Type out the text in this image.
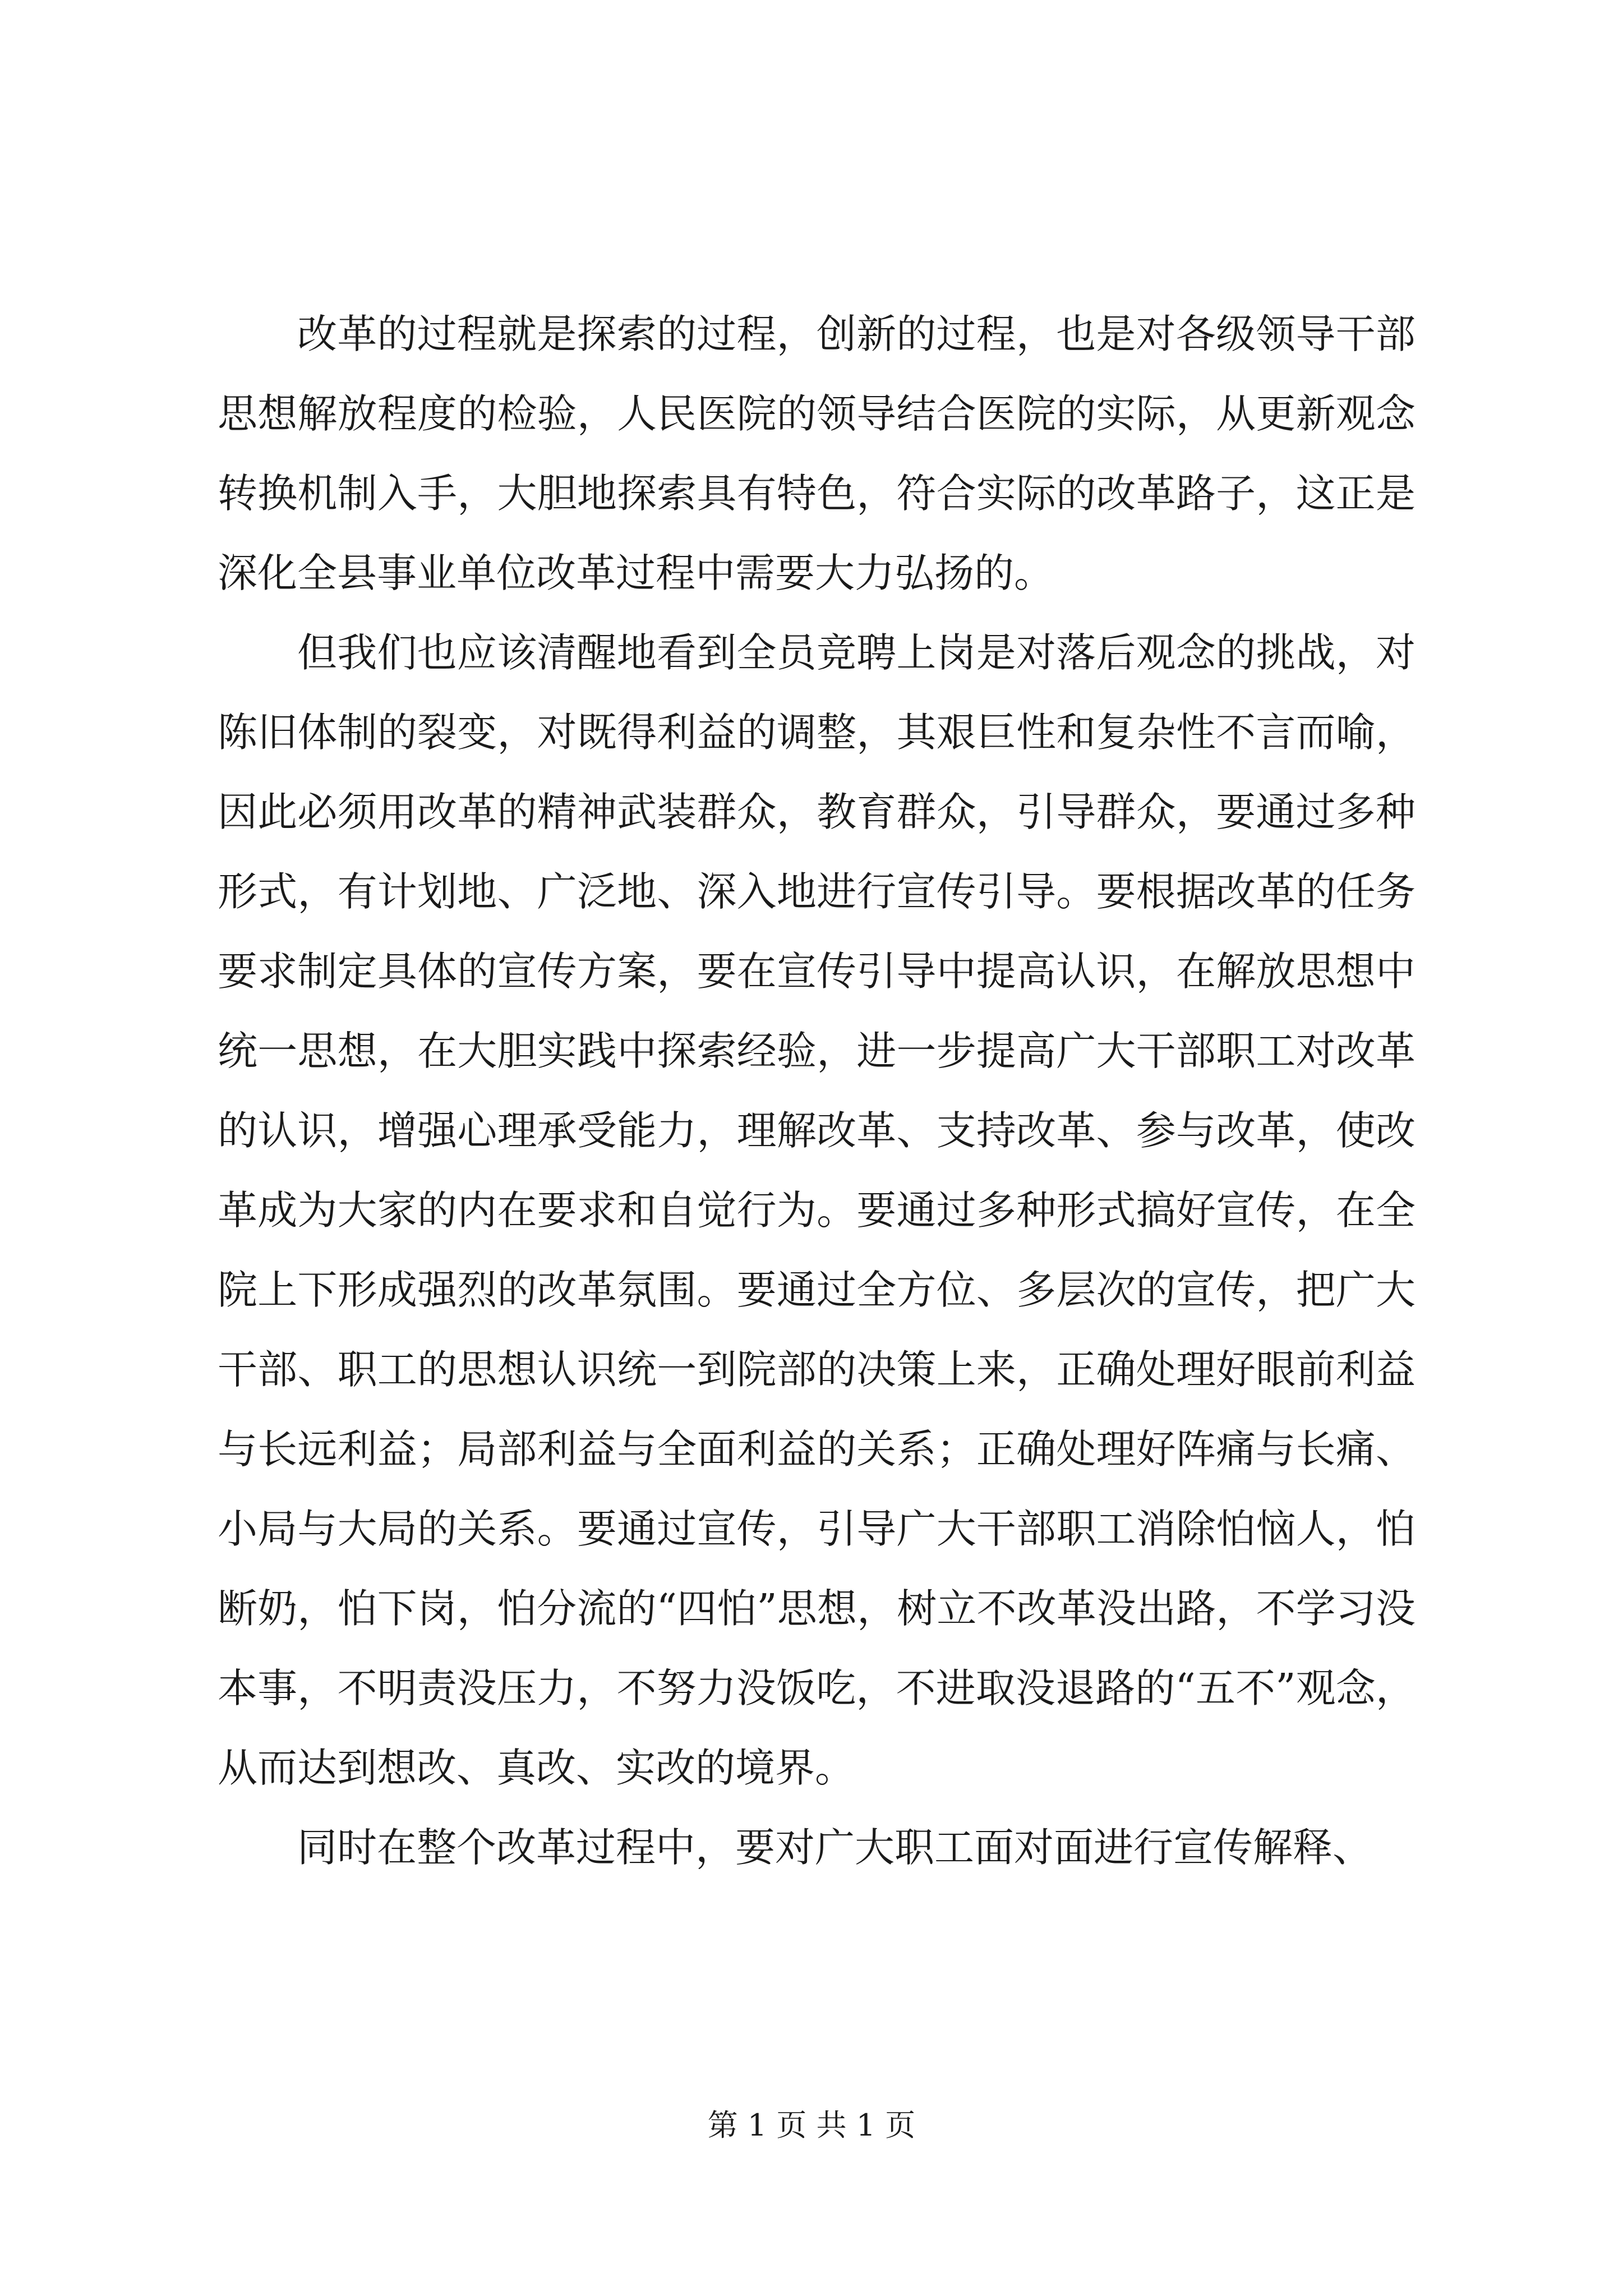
改革的过程就是探索的过程，创新的过程，也是对各级领导干部思想解放程度的检验，人民医院的领导结合医院的实际，从更新观念转换机制入手，大胆地探索具有特色，符合实际的改革路子，这正是深化全县事业单位改革过程中需要大力弘扬的。

但我们也应该清醒地看到全员竞聘上岗是对落后观念的挑战，对陈旧体制的裂变，对既得利益的调整，其艰巨性和复杂性不言而喻，因此必须用改革的精神武装群众，教育群众，引导群众，要通过多种形式，有计划地、广泛地、深入地进行宣传引导。要根据改革的任务要求制定具体的宣传方案，要在宣传引导中提高认识，在解放思想中统一思想，在大胆实践中探索经验，进一步提高广大干部职工对改革的认识，增强心理承受能力，理解改革、支持改革、参与改革，使改革成为大家的内在要求和自觉行为。要通过多种形式搞好宣传，在全院上下形成强烈的改革氛围。要通过全方位、多层次的宣传，把广大干部、职工的思想认识统一到院部的决策上来，正确处理好眼前利益与长远利益；局部利益与全面利益的关系；正确处理好阵痛与长痛、小局与大局的关系。要通过宣传，引导广大干部职工消除怕恼人，怕断奶，怕下岗，怕分流的“四怕”思想，树立不改革没出路，不学习没本事，不明责没压力，不努力没饭吃，不进取没退路的“五不”观念，从而达到想改、真改、实改的境界。

同时在整个改革过程中，要对广大职工面对面进行宣传解释、

第 1 页 共 1 页
